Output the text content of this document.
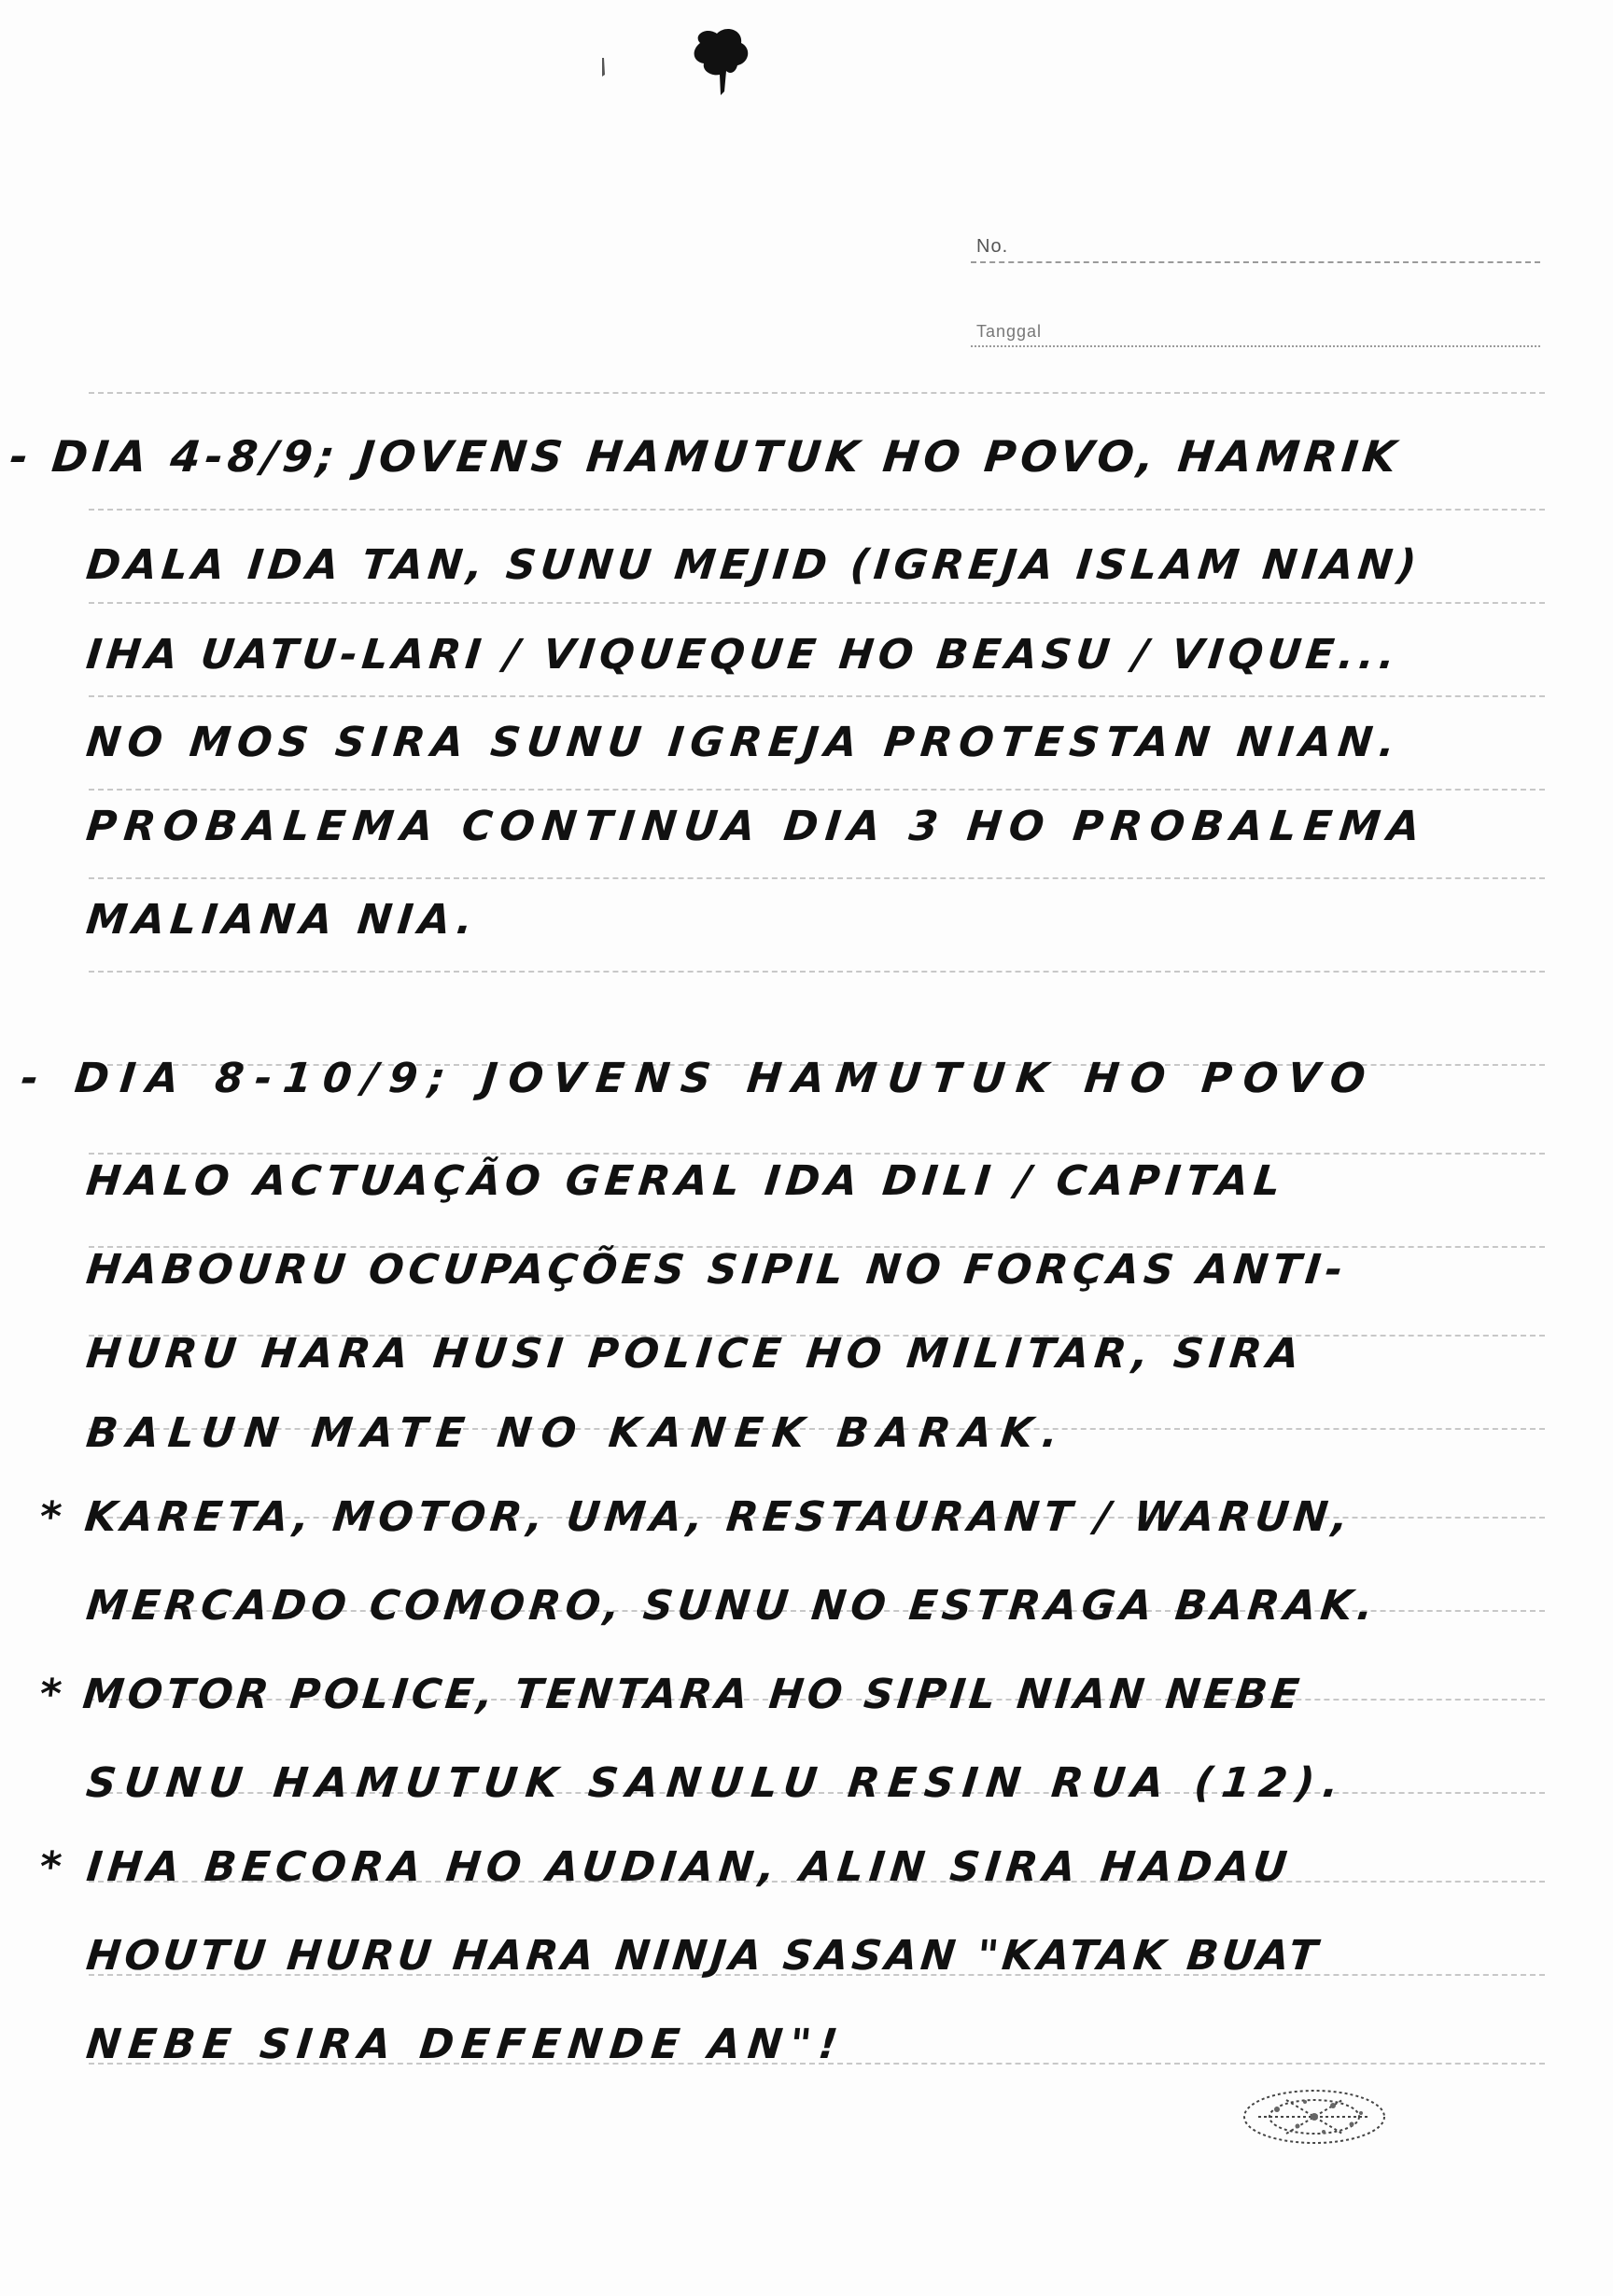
No.
Tanggal
- DIA 4-8/9; JOVENS HAMUTUK HO POVO, HAMRIK
DALA IDA TAN, SUNU MEJID (IGREJA ISLAM NIAN)
IHA UATU-LARI / VIQUEQUE HO BEASU / VIQUE...
NO MOS SIRA SUNU IGREJA PROTESTAN NIAN.
PROBALEMA CONTINUA DIA 3 HO PROBALEMA
MALIANA NIA.
- DIA 8-10/9; JOVENS HAMUTUK HO POVO
HALO ACTUAÇÃO GERAL IDA DILI / CAPITAL
HABOURU OCUPAÇÕES SIPIL NO FORÇAS ANTI-
HURU HARA HUSI POLICE HO MILITAR, SIRA
BALUN MATE NO KANEK BARAK.
* KARETA, MOTOR, UMA, RESTAURANT / WARUN,
MERCADO COMORO, SUNU NO ESTRAGA BARAK.
* MOTOR POLICE, TENTARA HO SIPIL NIAN NEBE
SUNU HAMUTUK SANULU RESIN RUA (12).
* IHA BECORA HO AUDIAN, ALIN SIRA HADAU
HOUTU HURU HARA NINJA SASAN "KATAK BUAT
NEBE SIRA DEFENDE AN"!
